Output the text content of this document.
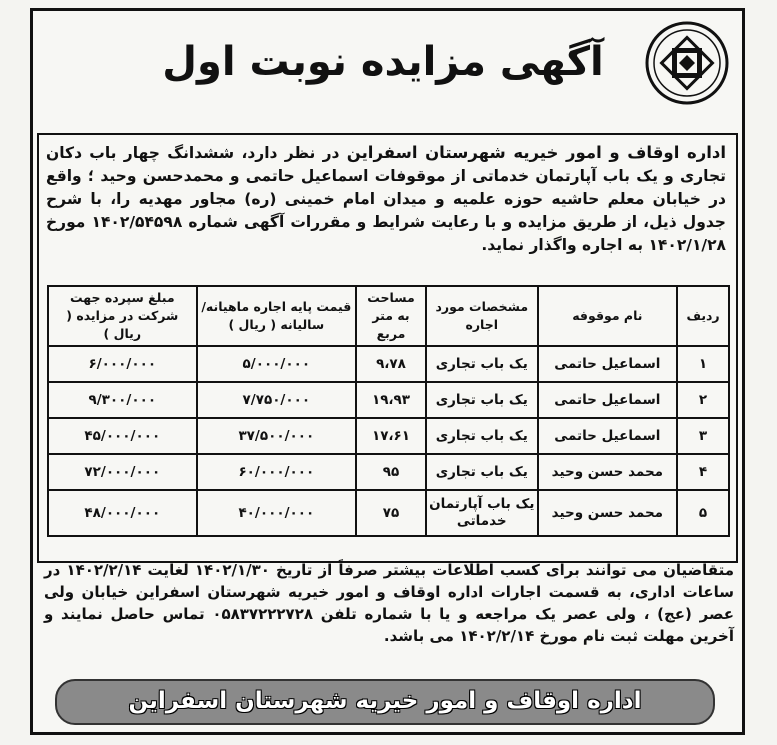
آگهی مزایده نوبت اول
اداره اوقاف و امور خیریه شهرستان اسفراین در نظر دارد، ششدانگ چهار باب دکان تجاری و یک باب آپارتمان خدماتی از موقوفات اسماعیل حاتمی و محمدحسن وحید ؛ واقع در خیابان معلم حاشیه حوزه علمیه و میدان امام خمینی (ره) مجاور مهدیه را، با شرح جدول ذیل، از طریق مزایده و با رعایت شرایط و مقررات آگهی شماره ۱۴۰۲/۵۴۵۹۸ مورخ ۱۴۰۲/۱/۲۸ به اجاره واگذار نماید.
ردیف	نام موقوفه	مشخصات مورد اجاره	مساحت به متر مربع	قیمت پایه اجاره ماهیانه/ سالیانه ( ریال )	مبلغ سپرده جهت شرکت در مزایده ( ریال )
۱	اسماعیل حاتمی	یک باب تجاری	۹،۷۸	۵/۰۰۰/۰۰۰	۶/۰۰۰/۰۰۰
۲	اسماعیل حاتمی	یک باب تجاری	۱۹،۹۳	۷/۷۵۰/۰۰۰	۹/۳۰۰/۰۰۰
۳	اسماعیل حاتمی	یک باب تجاری	۱۷،۶۱	۳۷/۵۰۰/۰۰۰	۴۵/۰۰۰/۰۰۰
۴	محمد حسن وحید	یک باب تجاری	۹۵	۶۰/۰۰۰/۰۰۰	۷۲/۰۰۰/۰۰۰
۵	محمد حسن وحید	یک باب آپارتمان خدماتی	۷۵	۴۰/۰۰۰/۰۰۰	۴۸/۰۰۰/۰۰۰
متقاضیان می توانند برای کسب اطلاعات بیشتر صرفاً از تاریخ ۱۴۰۲/۱/۳۰ لغایت ۱۴۰۲/۲/۱۴ در ساعات اداری، به قسمت اجارات اداره اوقاف و امور خیریه شهرستان اسفراین خیابان ولی عصر (عج) ، ولی عصر یک مراجعه و یا با شماره تلفن ۰۵۸۳۷۲۲۲۷۲۸ تماس حاصل نمایند و آخرین مهلت ثبت نام مورخ ۱۴۰۲/۲/۱۴ می باشد.
اداره اوقاف و امور خیریه شهرستان اسفراین
